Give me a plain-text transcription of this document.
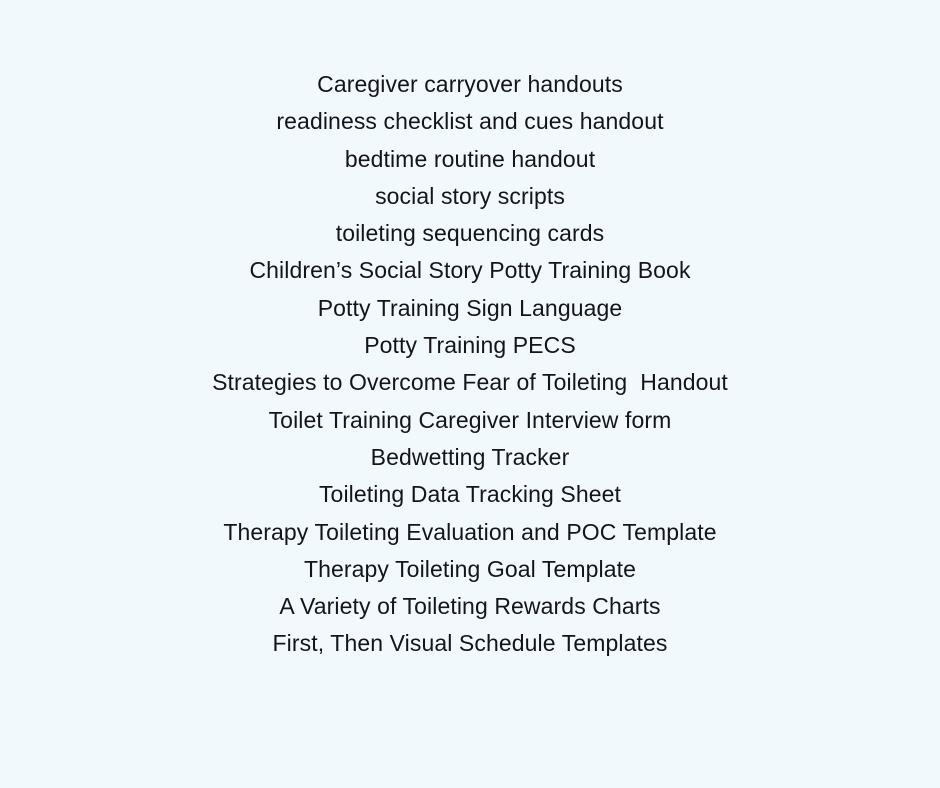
Caregiver carryover handouts
readiness checklist and cues handout
bedtime routine handout
social story scripts
toileting sequencing cards
Children’s Social Story Potty Training Book
Potty Training Sign Language
Potty Training PECS
Strategies to Overcome Fear of Toileting  Handout
Toilet Training Caregiver Interview form
Bedwetting Tracker
Toileting Data Tracking Sheet
Therapy Toileting Evaluation and POC Template
Therapy Toileting Goal Template
A Variety of Toileting Rewards Charts
First, Then Visual Schedule Templates
